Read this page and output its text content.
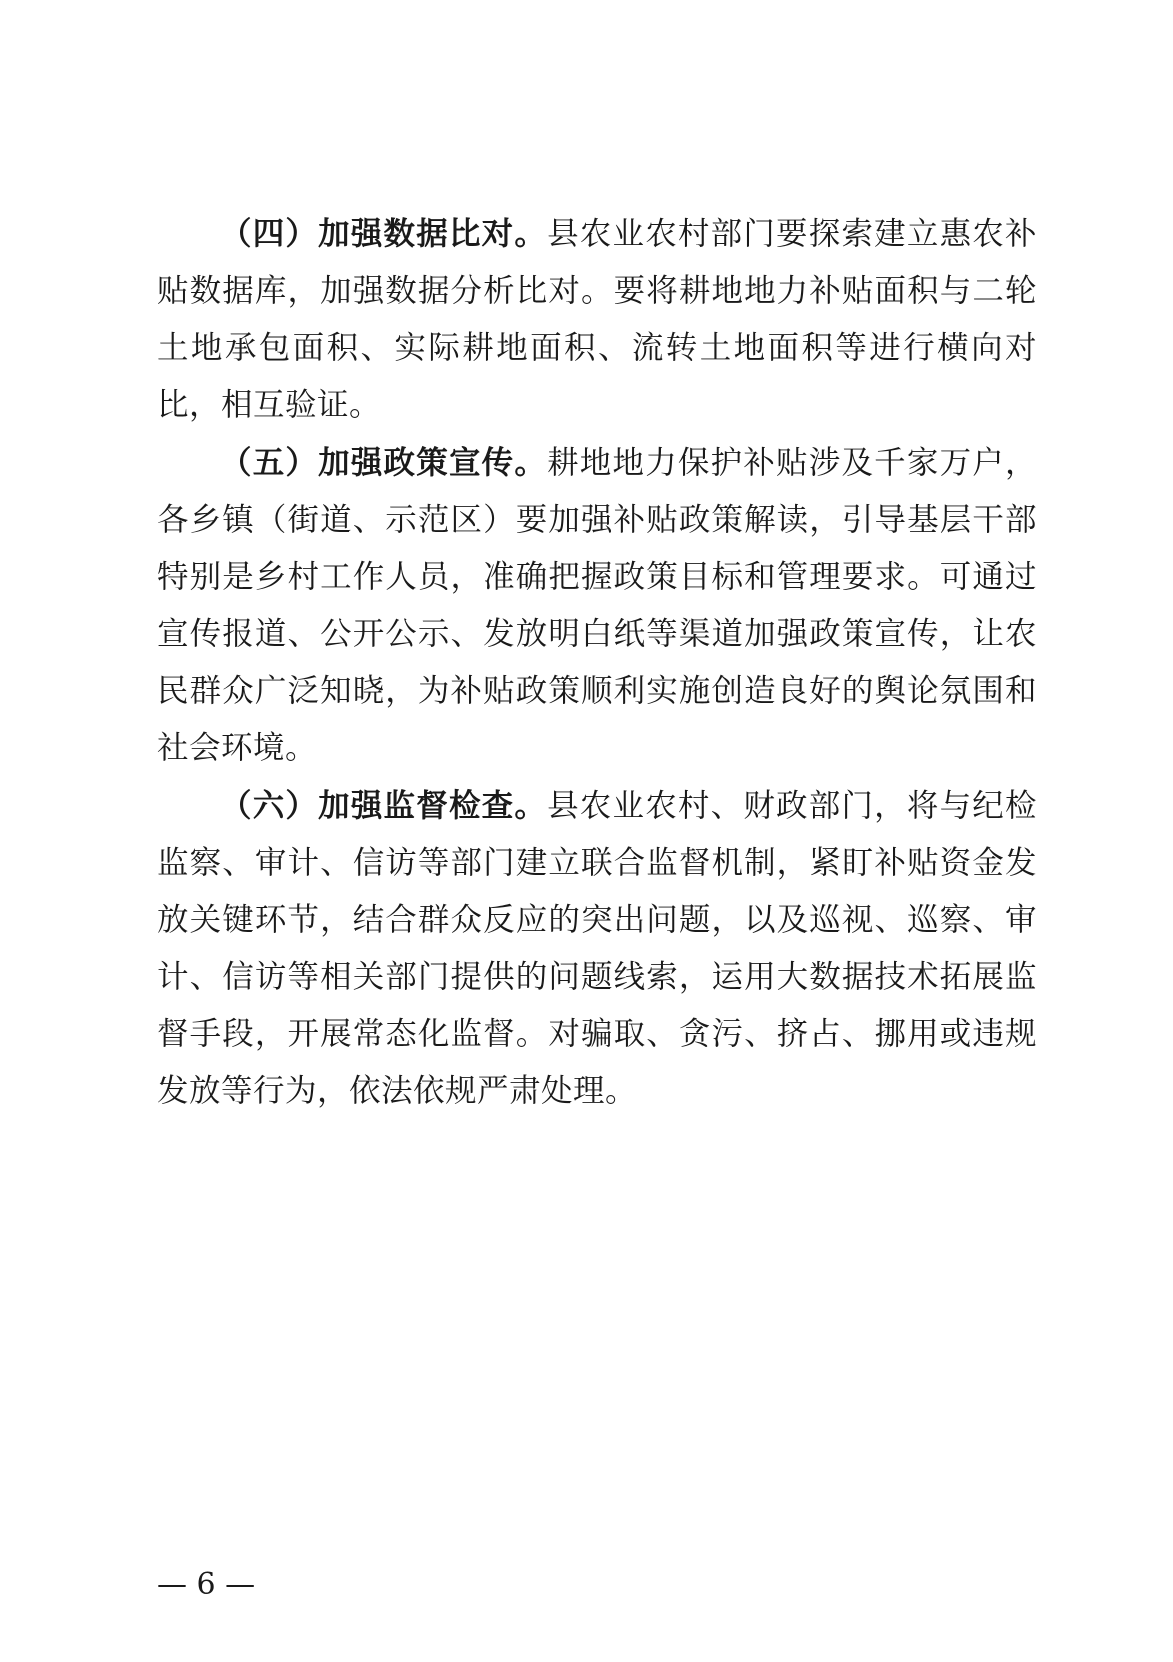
（四）加强数据比对。县农业农村部门要探索建立惠农补贴数据库，加强数据分析比对。要将耕地地力补贴面积与二轮土地承包面积、实际耕地面积、流转土地面积等进行横向对比，相互验证。

（五）加强政策宣传。耕地地力保护补贴涉及千家万户，各乡镇（街道、示范区）要加强补贴政策解读，引导基层干部特别是乡村工作人员，准确把握政策目标和管理要求。可通过宣传报道、公开公示、发放明白纸等渠道加强政策宣传，让农民群众广泛知晓，为补贴政策顺利实施创造良好的舆论氛围和社会环境。

（六）加强监督检查。县农业农村、财政部门，将与纪检监察、审计、信访等部门建立联合监督机制，紧盯补贴资金发放关键环节，结合群众反应的突出问题，以及巡视、巡察、审计、信访等相关部门提供的问题线索，运用大数据技术拓展监督手段，开展常态化监督。对骗取、贪污、挤占、挪用或违规发放等行为，依法依规严肃处理。

— 6 —
